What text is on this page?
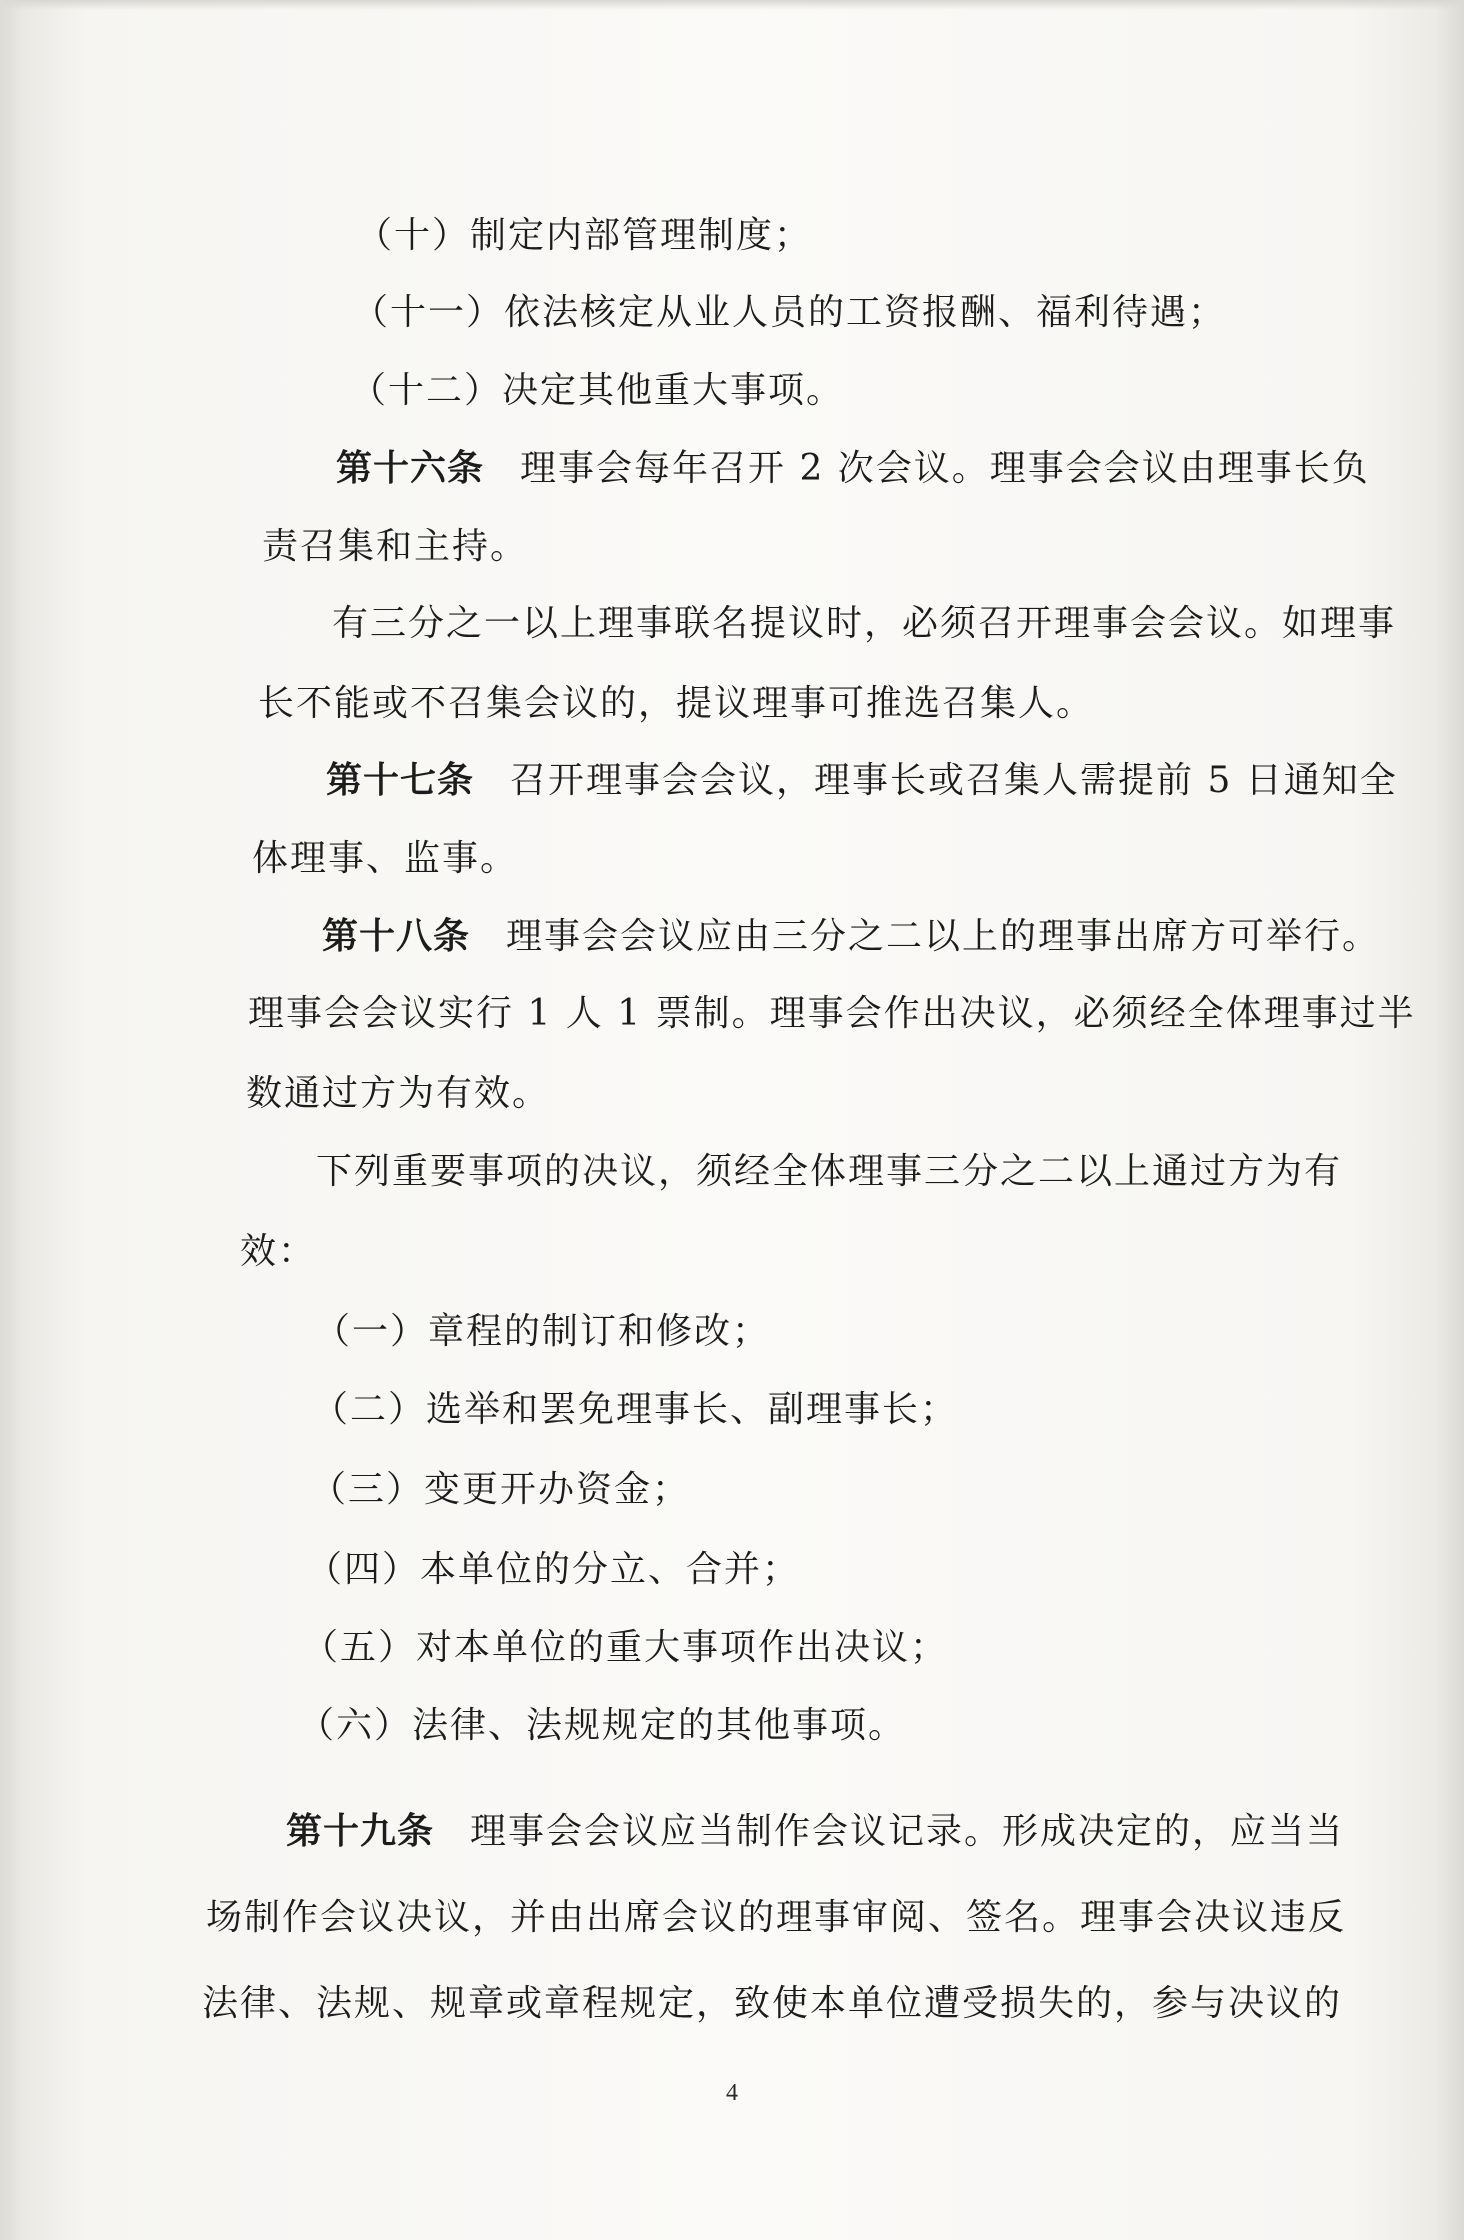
（十）制定内部管理制度；
（十一）依法核定从业人员的工资报酬、福利待遇；
（十二）决定其他重大事项。
第十六条 理事会每年召开 2 次会议。理事会会议由理事长负
责召集和主持。
有三分之一以上理事联名提议时，必须召开理事会会议。如理事
长不能或不召集会议的，提议理事可推选召集人。
第十七条 召开理事会会议，理事长或召集人需提前 5 日通知全
体理事、监事。
第十八条 理事会会议应由三分之二以上的理事出席方可举行。
理事会会议实行 1 人 1 票制。理事会作出决议，必须经全体理事过半
数通过方为有效。
下列重要事项的决议，须经全体理事三分之二以上通过方为有
效：
（一）章程的制订和修改；
（二）选举和罢免理事长、副理事长；
（三）变更开办资金；
（四）本单位的分立、合并；
（五）对本单位的重大事项作出决议；
（六）法律、法规规定的其他事项。
第十九条 理事会会议应当制作会议记录。形成决定的，应当当
场制作会议决议，并由出席会议的理事审阅、签名。理事会决议违反
法律、法规、规章或章程规定，致使本单位遭受损失的，参与决议的
4
